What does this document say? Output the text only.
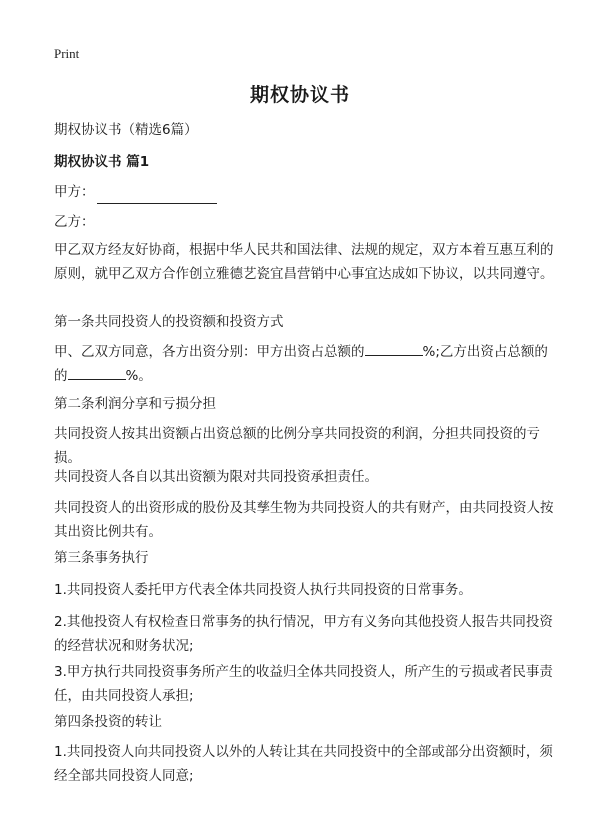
Print
期权协议书
期权协议书（精选6篇）
期权协议书 篇1
甲方：
乙方：
甲乙双方经友好协商，根据中华人民共和国法律、法规的规定，双方本着互惠互利的原则，就甲乙双方合作创立雅德艺瓷宜昌营销中心事宜达成如下协议，以共同遵守。
第一条共同投资人的投资额和投资方式
甲、乙双方同意，各方出资分别：甲方出资占总额的	%;乙方出资占总额的
的	%。
第二条利润分享和亏损分担
共同投资人按其出资额占出资总额的比例分享共同投资的利润，分担共同投资的亏损。
共同投资人各自以其出资额为限对共同投资承担责任。
共同投资人的出资形成的股份及其孳生物为共同投资人的共有财产，由共同投资人按其出资比例共有。
第三条事务执行
1.共同投资人委托甲方代表全体共同投资人执行共同投资的日常事务。
2.其他投资人有权检查日常事务的执行情况，甲方有义务向其他投资人报告共同投资的经营状况和财务状况;
3.甲方执行共同投资事务所产生的收益归全体共同投资人，所产生的亏损或者民事责任，由共同投资人承担;
第四条投资的转让
1.共同投资人向共同投资人以外的人转让其在共同投资中的全部或部分出资额时，须经全部共同投资人同意;
